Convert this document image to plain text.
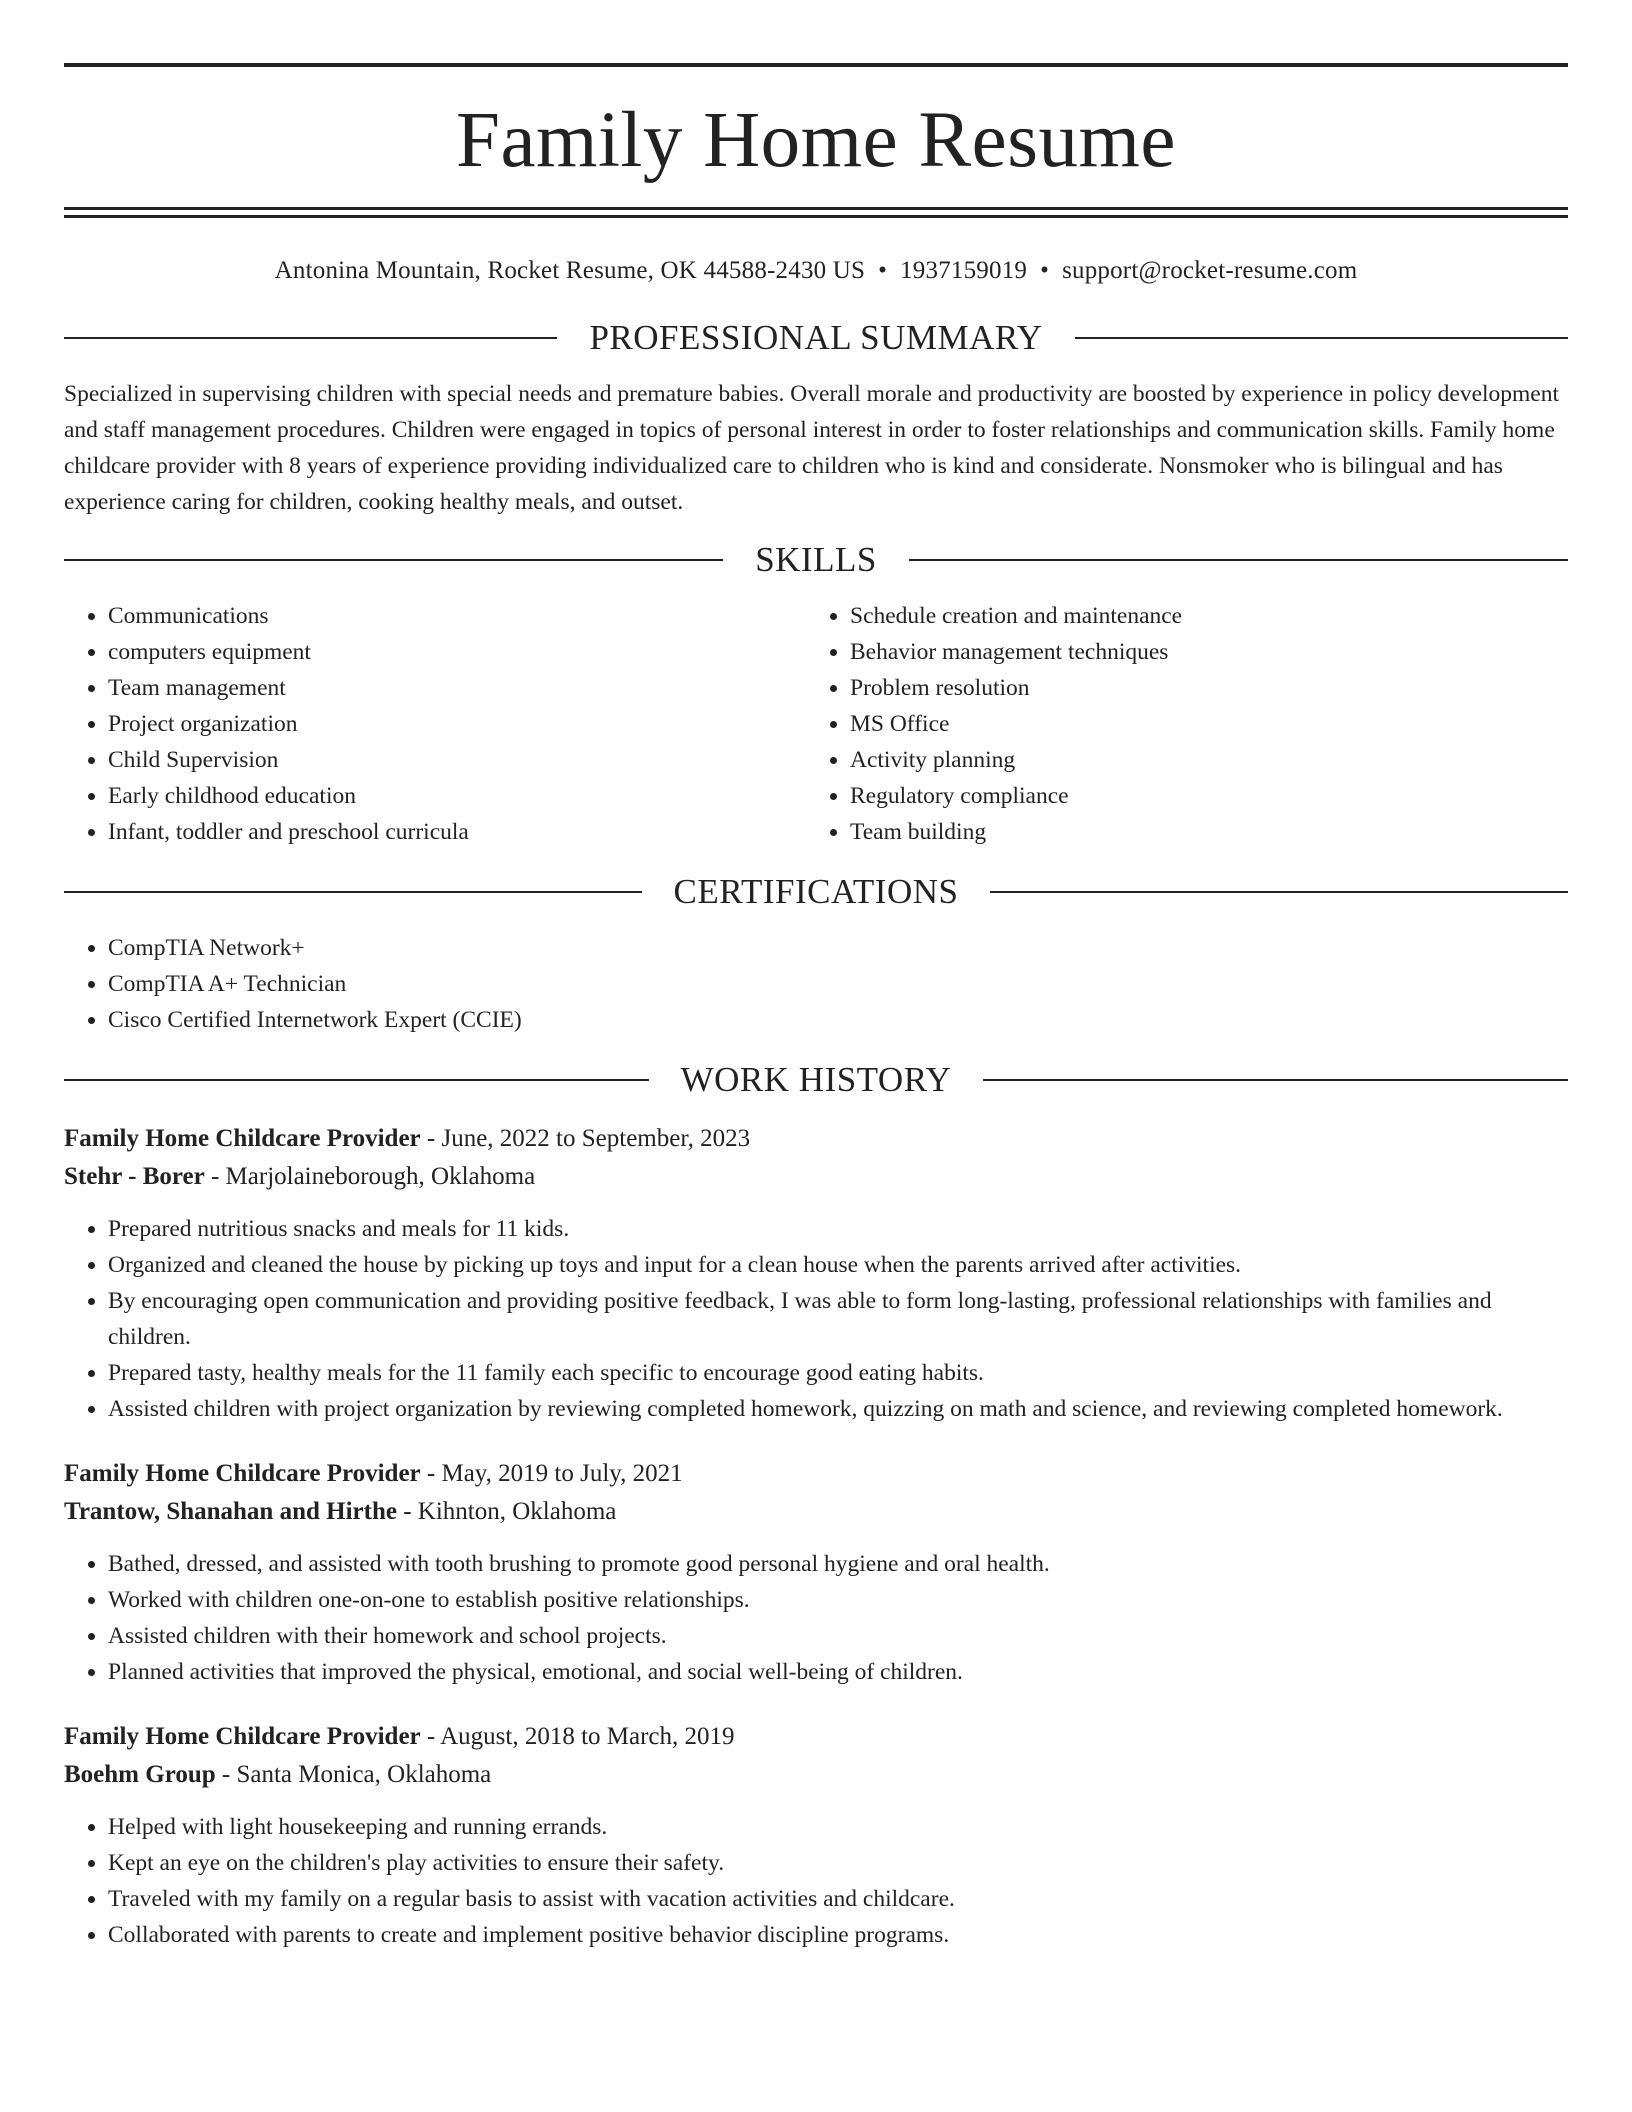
Family Home Resume
Antonina Mountain, Rocket Resume, OK 44588-2430 US • 1937159019 • support@rocket-resume.com
PROFESSIONAL SUMMARY

Specialized in supervising children with special needs and premature babies. Overall morale and productivity are boosted by experience in policy development and staff management procedures. Children were engaged in topics of personal interest in order to foster relationships and communication skills. Family home childcare provider with 8 years of experience providing individualized care to children who is kind and considerate. Nonsmoker who is bilingual and has experience caring for children, cooking healthy meals, and outset.

SKILLS
• Communications
• computers equipment
• Team management
• Project organization
• Child Supervision
• Early childhood education
• Infant, toddler and preschool curricula
• Schedule creation and maintenance
• Behavior management techniques
• Problem resolution
• MS Office
• Activity planning
• Regulatory compliance
• Team building
CERTIFICATIONS
• CompTIA Network+
• CompTIA A+ Technician
• Cisco Certified Internetwork Expert (CCIE)
WORK HISTORY
Family Home Childcare Provider - June, 2022 to September, 2023
Stehr - Borer - Marjolaineborough, Oklahoma
• Prepared nutritious snacks and meals for 11 kids.
• Organized and cleaned the house by picking up toys and input for a clean house when the parents arrived after activities.
• By encouraging open communication and providing positive feedback, I was able to form long-lasting, professional relationships with families and children.
• Prepared tasty, healthy meals for the 11 family each specific to encourage good eating habits.
• Assisted children with project organization by reviewing completed homework, quizzing on math and science, and reviewing completed homework.
Family Home Childcare Provider - May, 2019 to July, 2021
Trantow, Shanahan and Hirthe - Kihnton, Oklahoma
• Bathed, dressed, and assisted with tooth brushing to promote good personal hygiene and oral health.
• Worked with children one-on-one to establish positive relationships.
• Assisted children with their homework and school projects.
• Planned activities that improved the physical, emotional, and social well-being of children.
Family Home Childcare Provider - August, 2018 to March, 2019
Boehm Group - Santa Monica, Oklahoma
• Helped with light housekeeping and running errands.
• Kept an eye on the children's play activities to ensure their safety.
• Traveled with my family on a regular basis to assist with vacation activities and childcare.
• Collaborated with parents to create and implement positive behavior discipline programs.
